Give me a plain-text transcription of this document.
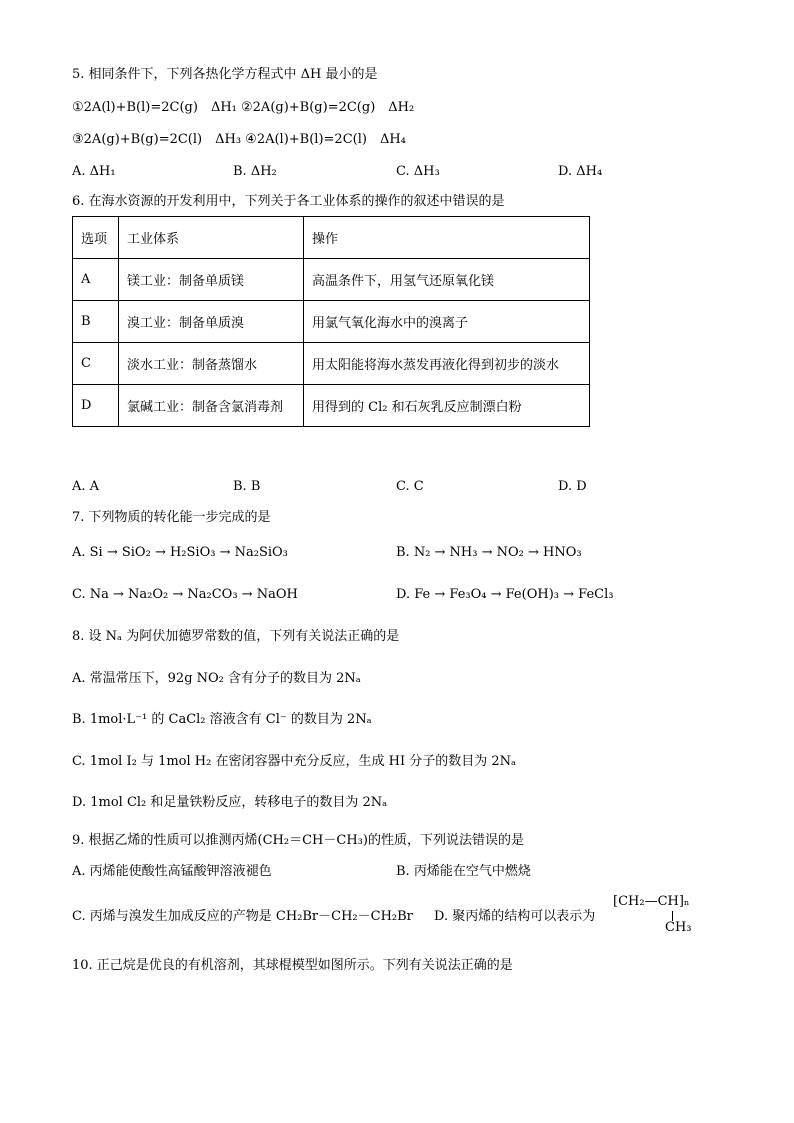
5. 相同条件下，下列各热化学方程式中 ΔH 最小的是
①2A(l)+B(l)=2C(g)　ΔH₁ ②2A(g)+B(g)=2C(g)　ΔH₂
③2A(g)+B(g)=2C(l)　ΔH₃ ④2A(l)+B(l)=2C(l)　ΔH₄
A. ΔH₁	B. ΔH₂	C. ΔH₃	D. ΔH₄
6. 在海水资源的开发利用中，下列关于各工业体系的操作的叙述中错误的是
选项	工业体系	操作
A	镁工业：制备单质镁	高温条件下，用氢气还原氧化镁
B	溴工业：制备单质溴	用氯气氧化海水中的溴离子
C	淡水工业：制备蒸馏水	用太阳能将海水蒸发再液化得到初步的淡水
D	氯碱工业：制备含氯消毒剂	用得到的 Cl₂ 和石灰乳反应制漂白粉
A. A	B. B	C. C	D. D
7. 下列物质的转化能一步完成的是
A. Si → SiO₂ → H₂SiO₃ → Na₂SiO₃	B. N₂ → NH₃ → NO₂ → HNO₃
C. Na → Na₂O₂ → Na₂CO₃ → NaOH	D. Fe → Fe₃O₄ → Fe(OH)₃ → FeCl₃
8. 设 Nₐ 为阿伏加德罗常数的值，下列有关说法正确的是
A. 常温常压下，92g NO₂ 含有分子的数目为 2Nₐ
B. 1mol·L⁻¹ 的 CaCl₂ 溶液含有 Cl⁻ 的数目为 2Nₐ
C. 1mol I₂ 与 1mol H₂ 在密闭容器中充分反应，生成 HI 分子的数目为 2Nₐ
D. 1mol Cl₂ 和足量铁粉反应，转移电子的数目为 2Nₐ
9. 根据乙烯的性质可以推测丙烯(CH₂＝CH－CH₃)的性质，下列说法错误的是
A. 丙烯能使酸性高锰酸钾溶液褪色	B. 丙烯能在空气中燃烧
C. 丙烯与溴发生加成反应的产物是 CH₂Br－CH₂－CH₂Br D. 聚丙烯的结构可以表示为
[CH₂—CH]ₙ
CH₃
10. 正己烷是优良的有机溶剂，其球棍模型如图所示。下列有关说法正确的是
